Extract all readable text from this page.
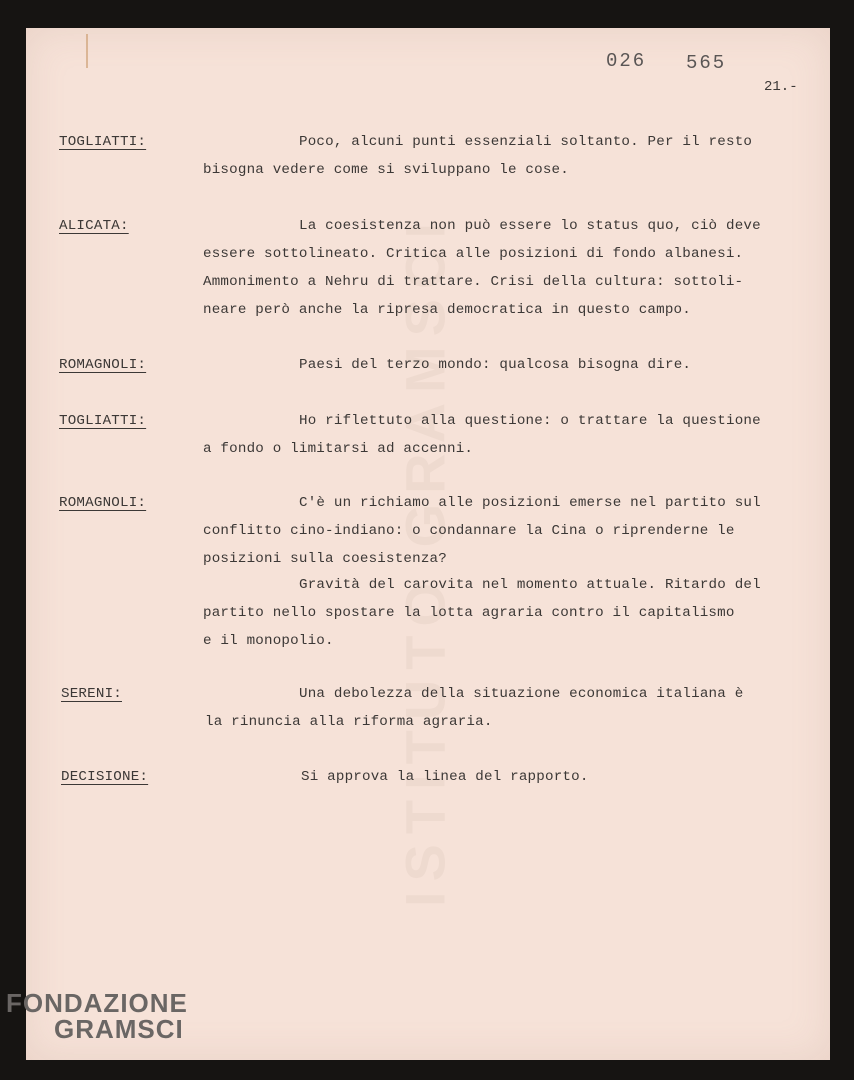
ISTITUTO GRAMSCI
026 565
21.-
TOGLIATTI:	Poco, alcuni punti essenziali soltanto. Per il resto
bisogna vedere come si sviluppano le cose.
ALICATA:	La coesistenza non può essere lo status quo, ciò deve
essere sottolineato. Critica alle posizioni di fondo albanesi.
Ammonimento a Nehru di trattare. Crisi della cultura: sottoli-
neare però anche la ripresa democratica in questo campo.
ROMAGNOLI:	Paesi del terzo mondo: qualcosa bisogna dire.
TOGLIATTI:	Ho riflettuto alla questione: o trattare la questione
a fondo o limitarsi ad accenni.
ROMAGNOLI:	C'è un richiamo alle posizioni emerse nel partito sul
conflitto cino-indiano: o condannare la Cina o riprenderne le
posizioni sulla coesistenza?
Gravità del carovita nel momento attuale. Ritardo del
partito nello spostare la lotta agraria contro il capitalismo
e il monopolio.
SERENI:	Una debolezza della situazione economica italiana è
la rinuncia alla riforma agraria.
DECISIONE:	Si approva la linea del rapporto.
FONDAZIONE
GRAMSCI
